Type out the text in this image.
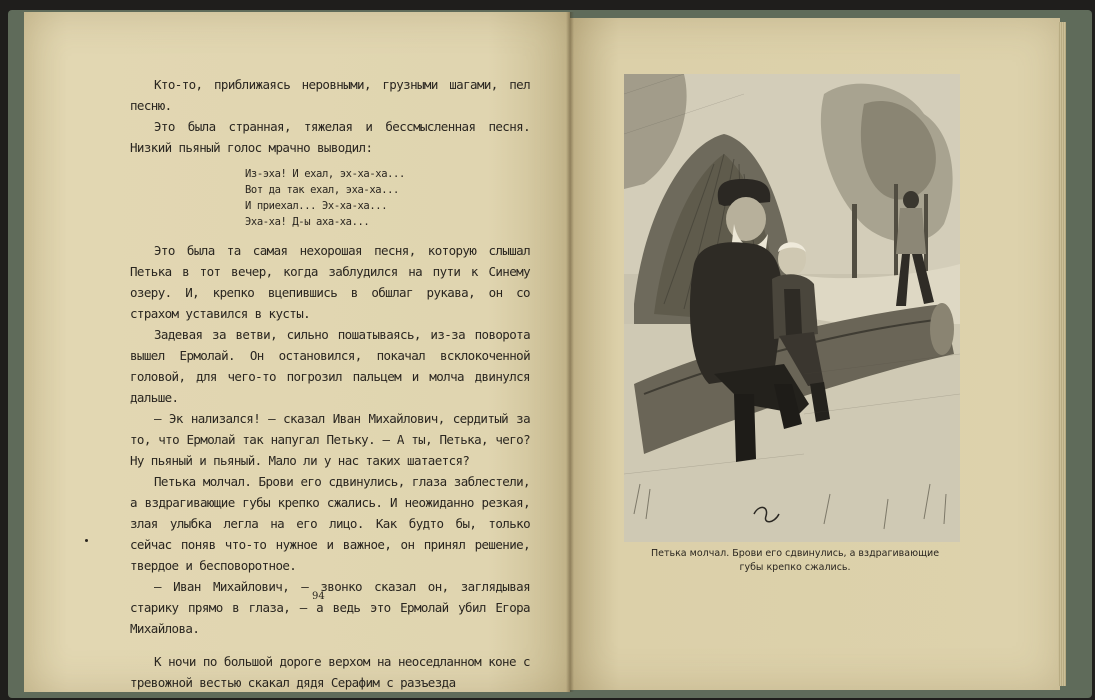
Кто-то, приближаясь неровными, грузными шагами, пел песню.

Это была странная, тяжелая и бессмысленная песня. Низкий пьяный голос мрачно выводил:

Из-эха! И ехал, эх-ха-ха...
Вот да так ехал, эха-ха...
И приехал... Эх-ха-ха...
Эха-ха! Д-ы аха-ха...

Это была та самая нехорошая песня, которую слышал Петька в тот вечер, когда заблудился на пути к Синему озеру. И, крепко вцепившись в обшлаг рукава, он со страхом уставился в кусты.

Задевая за ветви, сильно пошатываясь, из-за поворота вышел Ермолай. Он остановился, покачал всклокоченной головой, для чего-то погрозил пальцем и молча двинулся дальше.

— Эк нализался! — сказал Иван Михайлович, сердитый за то, что Ермолай так напугал Петьку. — А ты, Петька, чего? Ну пьяный и пьяный. Мало ли у нас таких шатается?

Петька молчал. Брови его сдвинулись, глаза заблестели, а вздрагивающие губы крепко сжались. И неожиданно резкая, злая улыбка легла на его лицо. Как будто бы, только сейчас поняв что-то нужное и важное, он принял решение, твердое и бесповоротное.

— Иван Михайлович, — звонко сказал он, заглядывая старику прямо в глаза, — а ведь это Ермолай убил Егора Михайлова.

К ночи по большой дороге верхом на неоседланном коне с тревожной вестью скакал дядя Серафим с разъезда

94
Петька молчал. Брови его сдвинулись, а вздрагивающие губы крепко сжались.
